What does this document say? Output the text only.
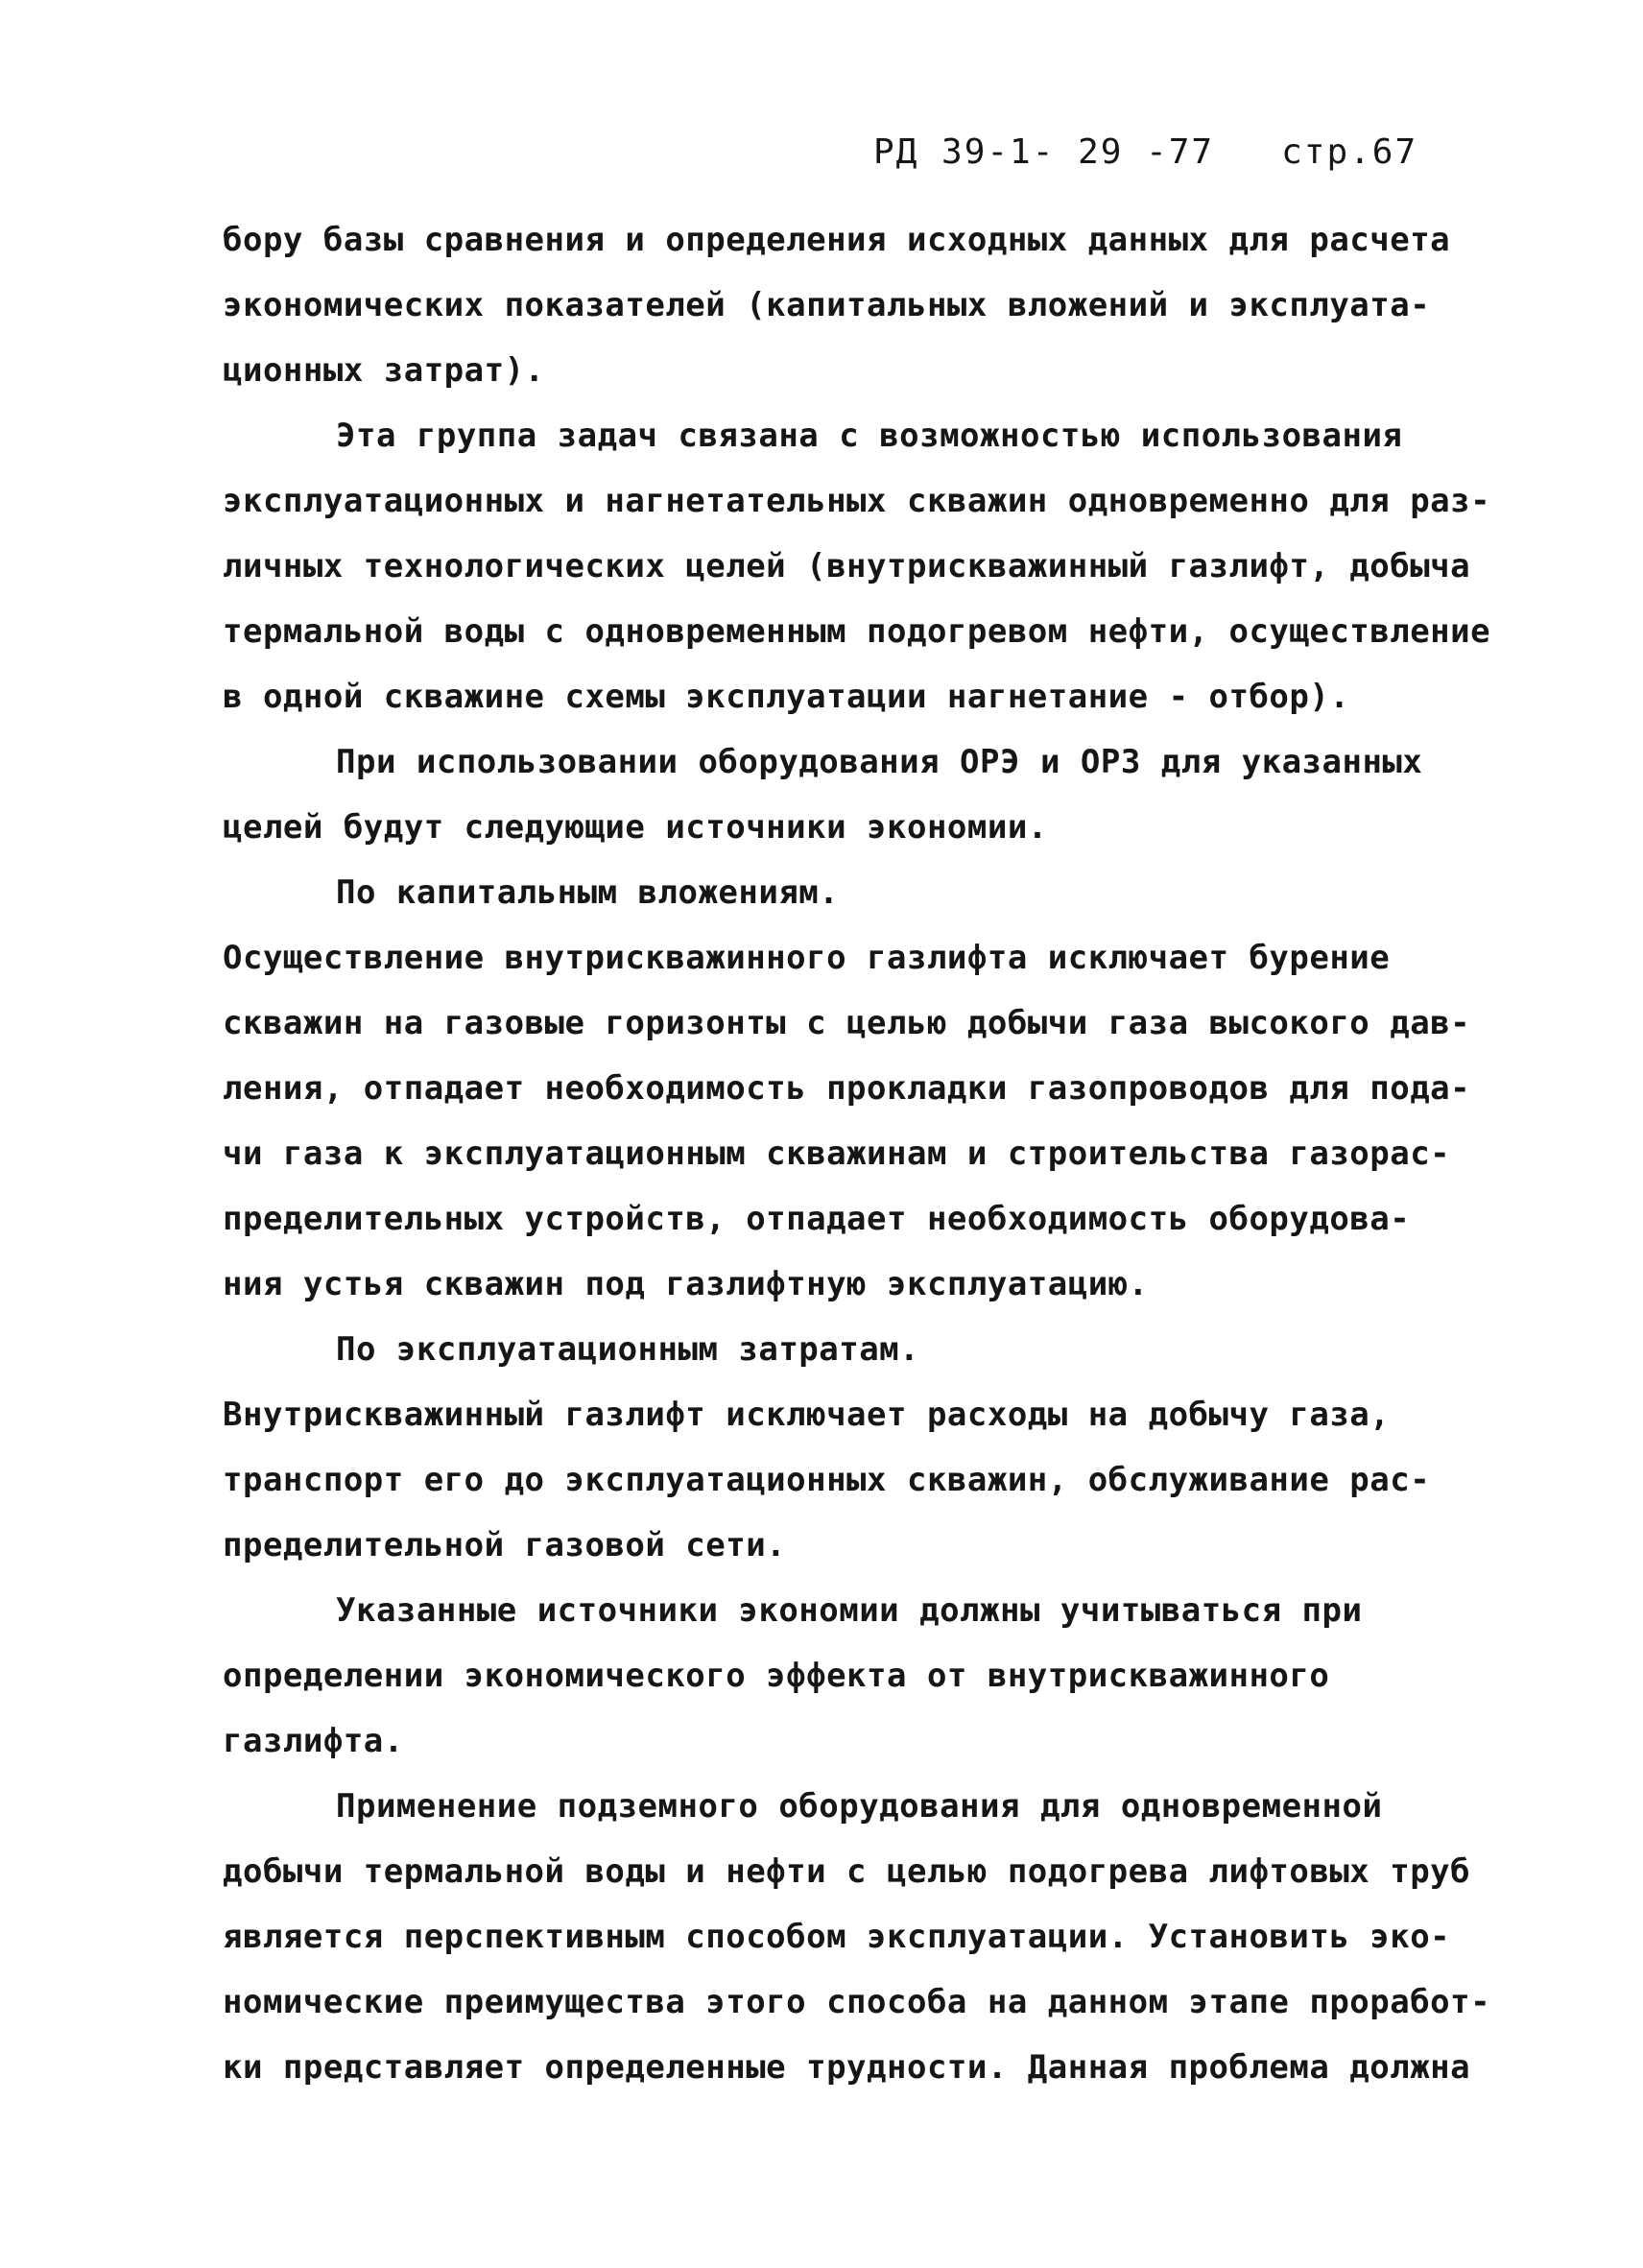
РД 39-1- 29 -77 стр.67
бору базы сравнения и определения исходных данных для расчета
экономических показателей (капитальных вложений и эксплуата-
ционных затрат).
Эта группа задач связана с возможностью использования
эксплуатационных и нагнетательных скважин одновременно для раз-
личных технологических целей (внутрискважинный газлифт, добыча
термальной воды с одновременным подогревом нефти, осуществление
в одной скважине схемы эксплуатации нагнетание - отбор).
При использовании оборудования ОРЭ и ОРЗ для указанных
целей будут следующие источники экономии.
По капитальным вложениям.
Осуществление внутрискважинного газлифта исключает бурение
скважин на газовые горизонты с целью добычи газа высокого дав-
ления, отпадает необходимость прокладки газопроводов для пода-
чи газа к эксплуатационным скважинам и строительства газорас-
пределительных устройств, отпадает необходимость оборудова-
ния устья скважин под газлифтную эксплуатацию.
По эксплуатационным затратам.
Внутрискважинный газлифт исключает расходы на добычу газа,
транспорт его до эксплуатационных скважин, обслуживание рас-
пределительной газовой сети.
Указанные источники экономии должны учитываться при
определении экономического эффекта от внутрискважинного
газлифта.
Применение подземного оборудования для одновременной
добычи термальной воды и нефти с целью подогрева лифтовых труб
является перспективным способом эксплуатации. Установить эко-
номические преимущества этого способа на данном этапе проработ-
ки представляет определенные трудности. Данная проблема должна
